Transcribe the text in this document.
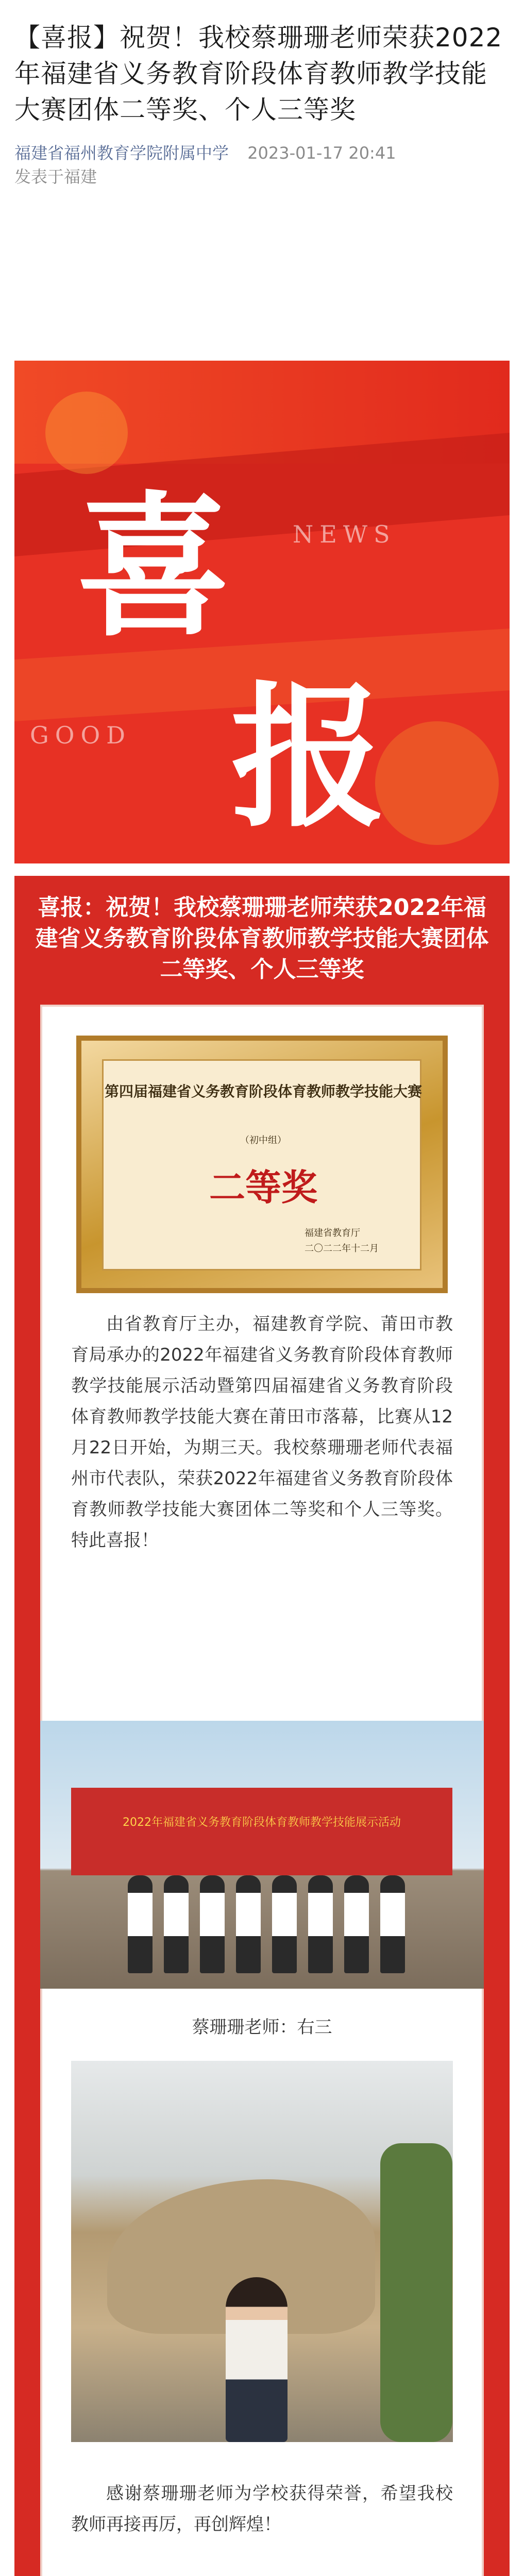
【喜报】祝贺！我校蔡珊珊老师荣获2022年福建省义务教育阶段体育教师教学技能大赛团体二等奖、个人三等奖
福建省福州教育学院附属中学 2023-01-17 20:41
发表于福建
喜	NEWS
GOOD 报
喜报：祝贺！我校蔡珊珊老师荣获2022年福建省义务教育阶段体育教师教学技能大赛团体二等奖、个人三等奖
第四届福建省义务教育阶段体育教师教学技能大赛
（初中组）
二等奖
福建省教育厅
二〇二二年十二月

由省教育厅主办，福建教育学院、莆田市教育局承办的2022年福建省义务教育阶段体育教师教学技能展示活动暨第四届福建省义务教育阶段体育教师教学技能大赛在莆田市落幕，比赛从12月22日开始，为期三天。我校蔡珊珊老师代表福州市代表队，荣获2022年福建省义务教育阶段体育教师教学技能大赛团体二等奖和个人三等奖。特此喜报！

2022年福建省义务教育阶段体育教师教学技能展示活动
蔡珊珊老师：右三

感谢蔡珊珊老师为学校获得荣誉，希望我校教师再接再厉，再创辉煌！
